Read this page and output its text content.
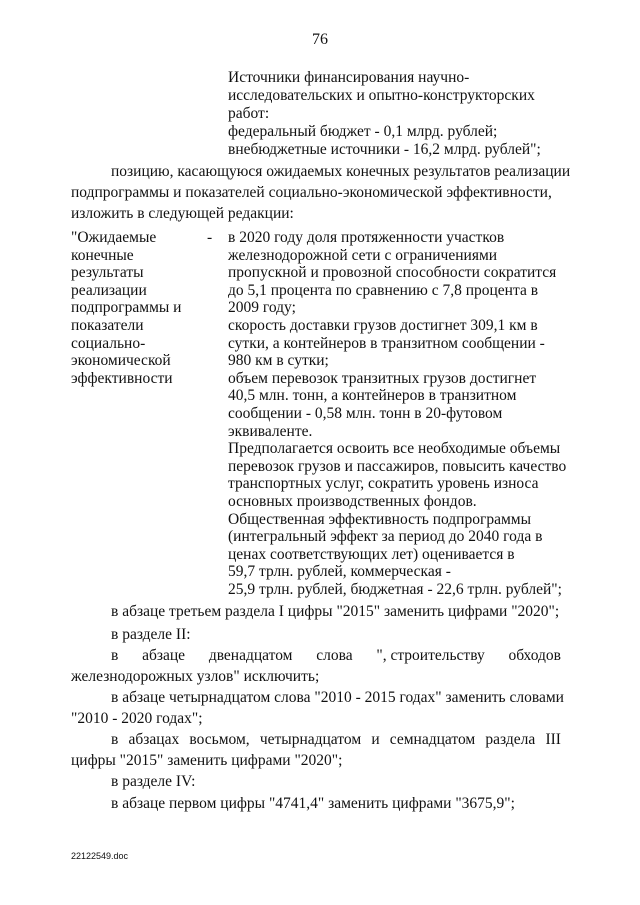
76
Источники финансирования научно-
исследовательских и опытно-конструкторских
работ:
федеральный бюджет - 0,1 млрд. рублей;
внебюджетные источники - 16,2 млрд. рублей";
позицию, касающуюся ожидаемых конечных результатов реализации
подпрограммы и показателей социально-экономической эффективности,
изложить в следующей редакции:
"Ожидаемые
конечные
результаты
реализации
подпрограммы и
показатели
социально-
экономической
эффективности
- в 2020 году доля протяженности участков
железнодорожной сети с ограничениями
пропускной и провозной способности сократится
до 5,1 процента по сравнению с 7,8 процента в
2009 году;
скорость доставки грузов достигнет 309,1 км в
сутки, а контейнеров в транзитном сообщении -
980 км в сутки;
объем перевозок транзитных грузов достигнет
40,5 млн. тонн, а контейнеров в транзитном
сообщении - 0,58 млн. тонн в 20-футовом
эквиваленте.
Предполагается освоить все необходимые объемы
перевозок грузов и пассажиров, повысить качество
транспортных услуг, сократить уровень износа
основных производственных фондов.
Общественная эффективность подпрограммы
(интегральный эффект за период до 2040 года в
ценах соответствующих лет) оценивается в
59,7 трлн. рублей, коммерческая -
25,9 трлн. рублей, бюджетная - 22,6 трлн. рублей";
в абзаце третьем раздела I цифры "2015" заменить цифрами "2020";
в разделе II:
в абзаце двенадцатом слова ", строительству обходов
железнодорожных узлов" исключить;
в абзаце четырнадцатом слова "2010 - 2015 годах" заменить словами
"2010 - 2020 годах";
в абзацах восьмом, четырнадцатом и семнадцатом раздела III
цифры "2015" заменить цифрами "2020";
в разделе IV:
в абзаце первом цифры "4741,4" заменить цифрами "3675,9";
22122549.doc
